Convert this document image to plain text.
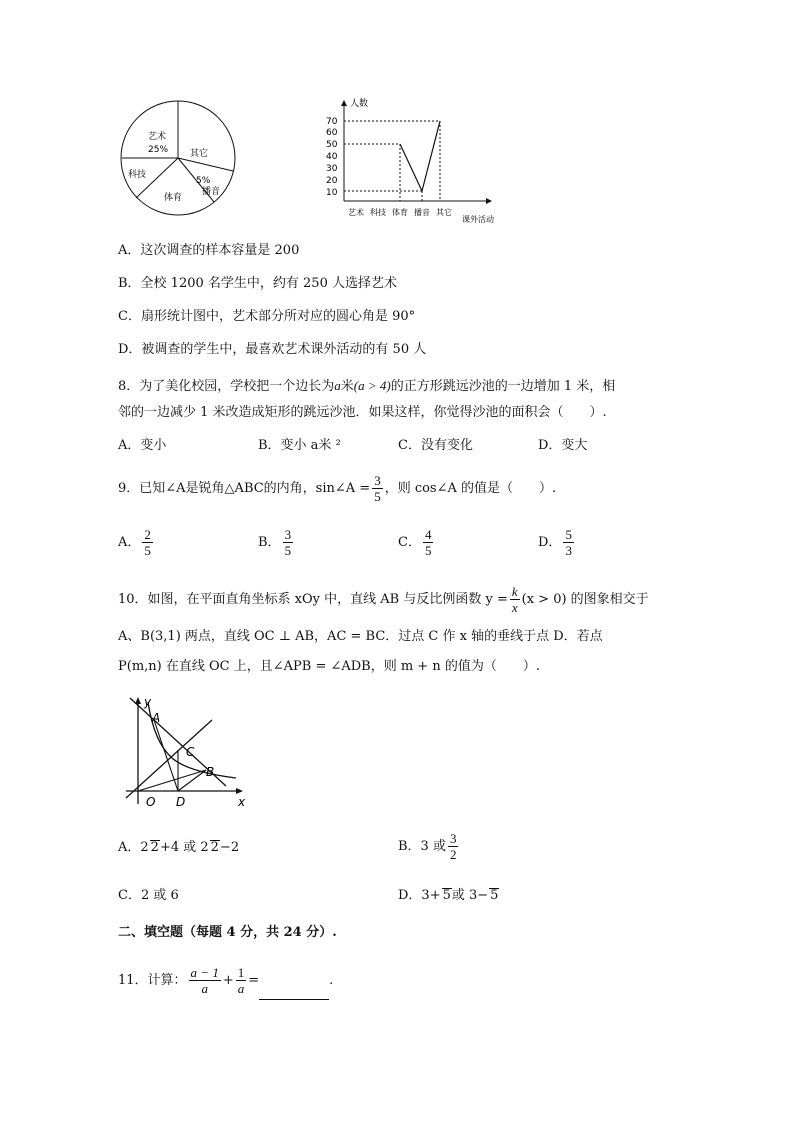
艺术
25% 其它
5%
播音
体育
科技
人数
70
60
50
40
30
20
10
艺术 科技 体育 播音 其它
课外活动
A．这次调查的样本容量是 200
B．全校 1200 名学生中，约有 250 人选择艺术
C．扇形统计图中，艺术部分所对应的圆心角是 90°
D．被调查的学生中，最喜欢艺术课外活动的有 50 人
8．为了美化校园，学校把一个边长为a米(a > 4)的正方形跳远沙池的一边增加 1 米，相
邻的一边减少 1 米改造成矩形的跳远沙池．如果这样，你觉得沙池的面积会（　　）.
A．变小	B．变小 a米 ²	C．没有变化	D．变大
9．已知∠A是锐角△ABC的内角，sin∠A = $\frac{3}{5}$ ，则 cos∠A 的值是（　　）.
A． $\frac{2}{5}$	B． $\frac{3}{5}$	C． $\frac{4}{5}$	D． $\frac{5}{3}$
10．如图，在平面直角坐标系 xOy 中，直线 AB 与反比例函数 $y = \frac{k}{x} (x > 0)$ 的图象相交于
A、B(3,1) 两点，直线 OC ⊥ AB，AC = BC．过点 C 作 x 轴的垂线于点 D．若点
P(m,n) 在直线 OC 上，且∠APB = ∠ADB，则 m + n 的值为（　　）.
y
A
C
B
O D	x
A．2 2+4 或 2 2−2	B．3 或 $\frac{3}{2}$
C．2 或 6	D．3+ 5或 3− 5
二、填空题（每题 4 分，共 24 分）.
11．计算： $\frac{a - 1}{a} + \frac{1}{a}$ =	.
